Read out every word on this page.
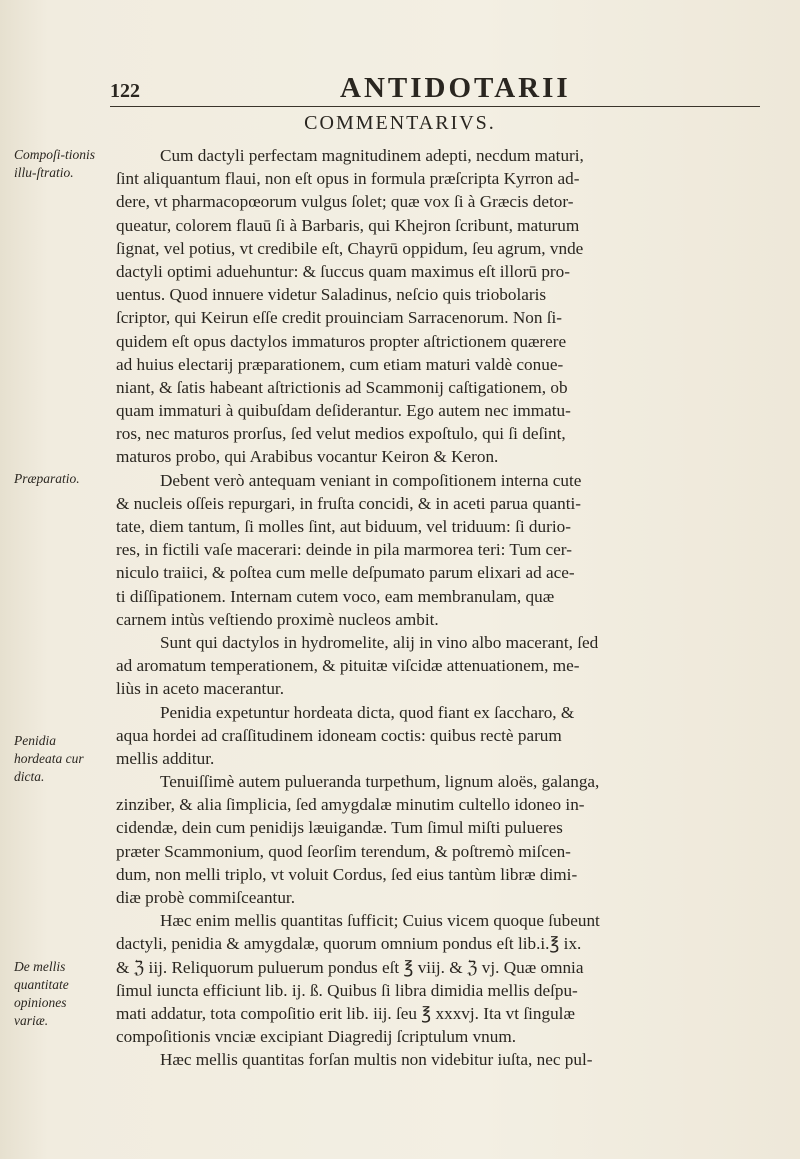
122	ANTIDOTARII
COMMENTARIVS.
Compoſi-tionis illu-ſtratio.
Præparatio.
Penidia hordeata cur dicta.
De mellis quantitate opiniones variæ.
Cum dactyli perfectam magnitudinem adepti, necdum maturi,
ſint aliquantum flaui, non eſt opus in formula præſcripta Kyrron ad-
dere, vt pharmacopœorum vulgus ſolet; quæ vox ſi à Græcis detor-
queatur, colorem flauū ſi à Barbaris, qui Khejron ſcribunt, maturum
ſignat, vel potius, vt credibile eſt, Chayrū oppidum, ſeu agrum, vnde
dactyli optimi aduehuntur: & ſuccus quam maximus eſt illorū pro-
uentus. Quod innuere videtur Saladinus, neſcio quis triobolaris
ſcriptor, qui Keirun eſſe credit prouinciam Sarracenorum. Non ſi-
quidem eſt opus dactylos immaturos propter aſtrictionem quærere
ad huius electarij præparationem, cum etiam maturi valdè conue-
niant, & ſatis habeant aſtrictionis ad Scammonij caſtigationem, ob
quam immaturi à quibuſdam deſiderantur. Ego autem nec immatu-
ros, nec maturos prorſus, ſed velut medios expoſtulo, qui ſi deſint,
maturos probo, qui Arabibus vocantur Keiron & Keron.
Debent verò antequam veniant in compoſitionem interna cute
& nucleis oſſeis repurgari, in fruſta concidi, & in aceti parua quanti-
tate, diem tantum, ſi molles ſint, aut biduum, vel triduum: ſi durio-
res, in fictili vaſe macerari: deinde in pila marmorea teri: Tum cer-
niculo traiici, & poſtea cum melle deſpumato parum elixari ad ace-
ti diſſipationem. Internam cutem voco, eam membranulam, quæ
carnem intùs veſtiendo proximè nucleos ambit.
Sunt qui dactylos in hydromelite, alij in vino albo macerant, ſed
ad aromatum temperationem, & pituitæ viſcidæ attenuationem, me-
liùs in aceto macerantur.
Penidia expetuntur hordeata dicta, quod fiant ex ſaccharo, &
aqua hordei ad craſſitudinem idoneam coctis: quibus rectè parum
mellis additur.
Tenuiſſimè autem pulueranda turpethum, lignum aloës, galanga,
zinziber, & alia ſimplicia, ſed amygdalæ minutim cultello idoneo in-
cidendæ, dein cum penidijs læuigandæ. Tum ſimul miſti pulueres
præter Scammonium, quod ſeorſim terendum, & poſtremò miſcen-
dum, non melli triplo, vt voluit Cordus, ſed eius tantùm libræ dimi-
diæ probè commiſceantur.
Hæc enim mellis quantitas ſufficit; Cuius vicem quoque ſubeunt
dactyli, penidia & amygdalæ, quorum omnium pondus eſt lib.i.℥ ix.
& ℨ iij. Reliquorum puluerum pondus eſt ℥ viij. & ℨ vj. Quæ omnia
ſimul iuncta efficiunt lib. ij. ß. Quibus ſi libra dimidia mellis deſpu-
mati addatur, tota compoſitio erit lib. iij. ſeu ℥ xxxvj. Ita vt ſingulæ
compoſitionis vnciæ excipiant Diagredij ſcriptulum vnum.
Hæc mellis quantitas forſan multis non videbitur iuſta, nec pul-
